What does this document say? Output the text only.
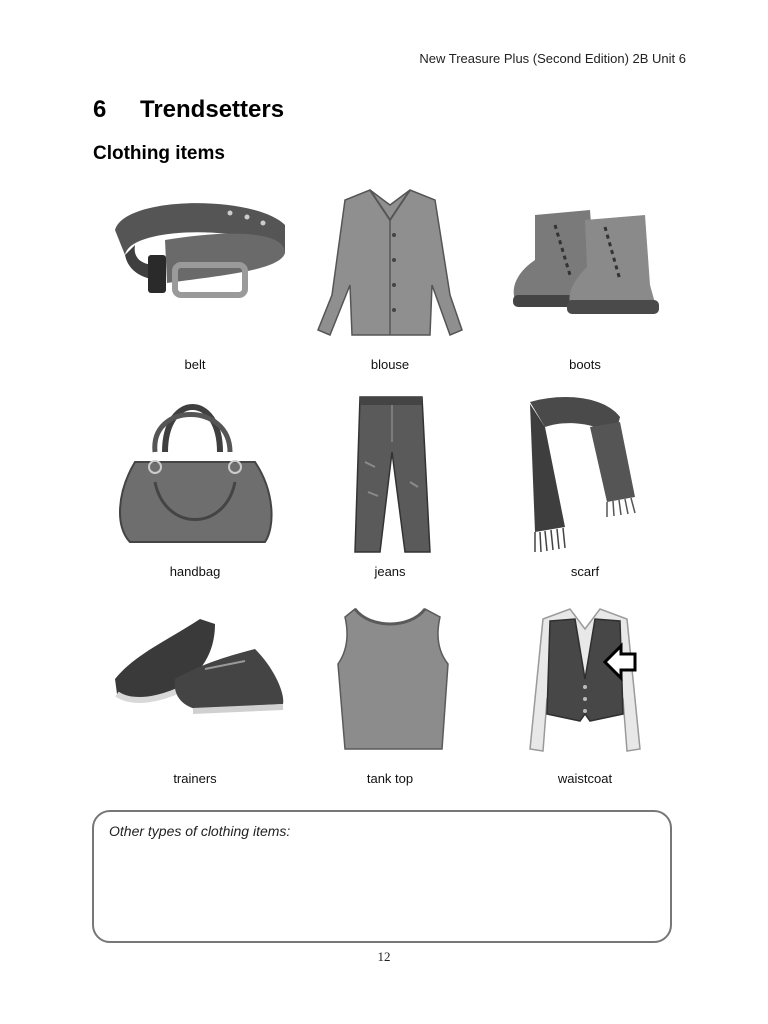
New Treasure Plus (Second Edition) 2B Unit 6
6 Trendsetters
Clothing items
belt	blouse	boots
handbag	jeans	scarf
trainers	tank top	waistcoat
Other types of clothing items:
12
